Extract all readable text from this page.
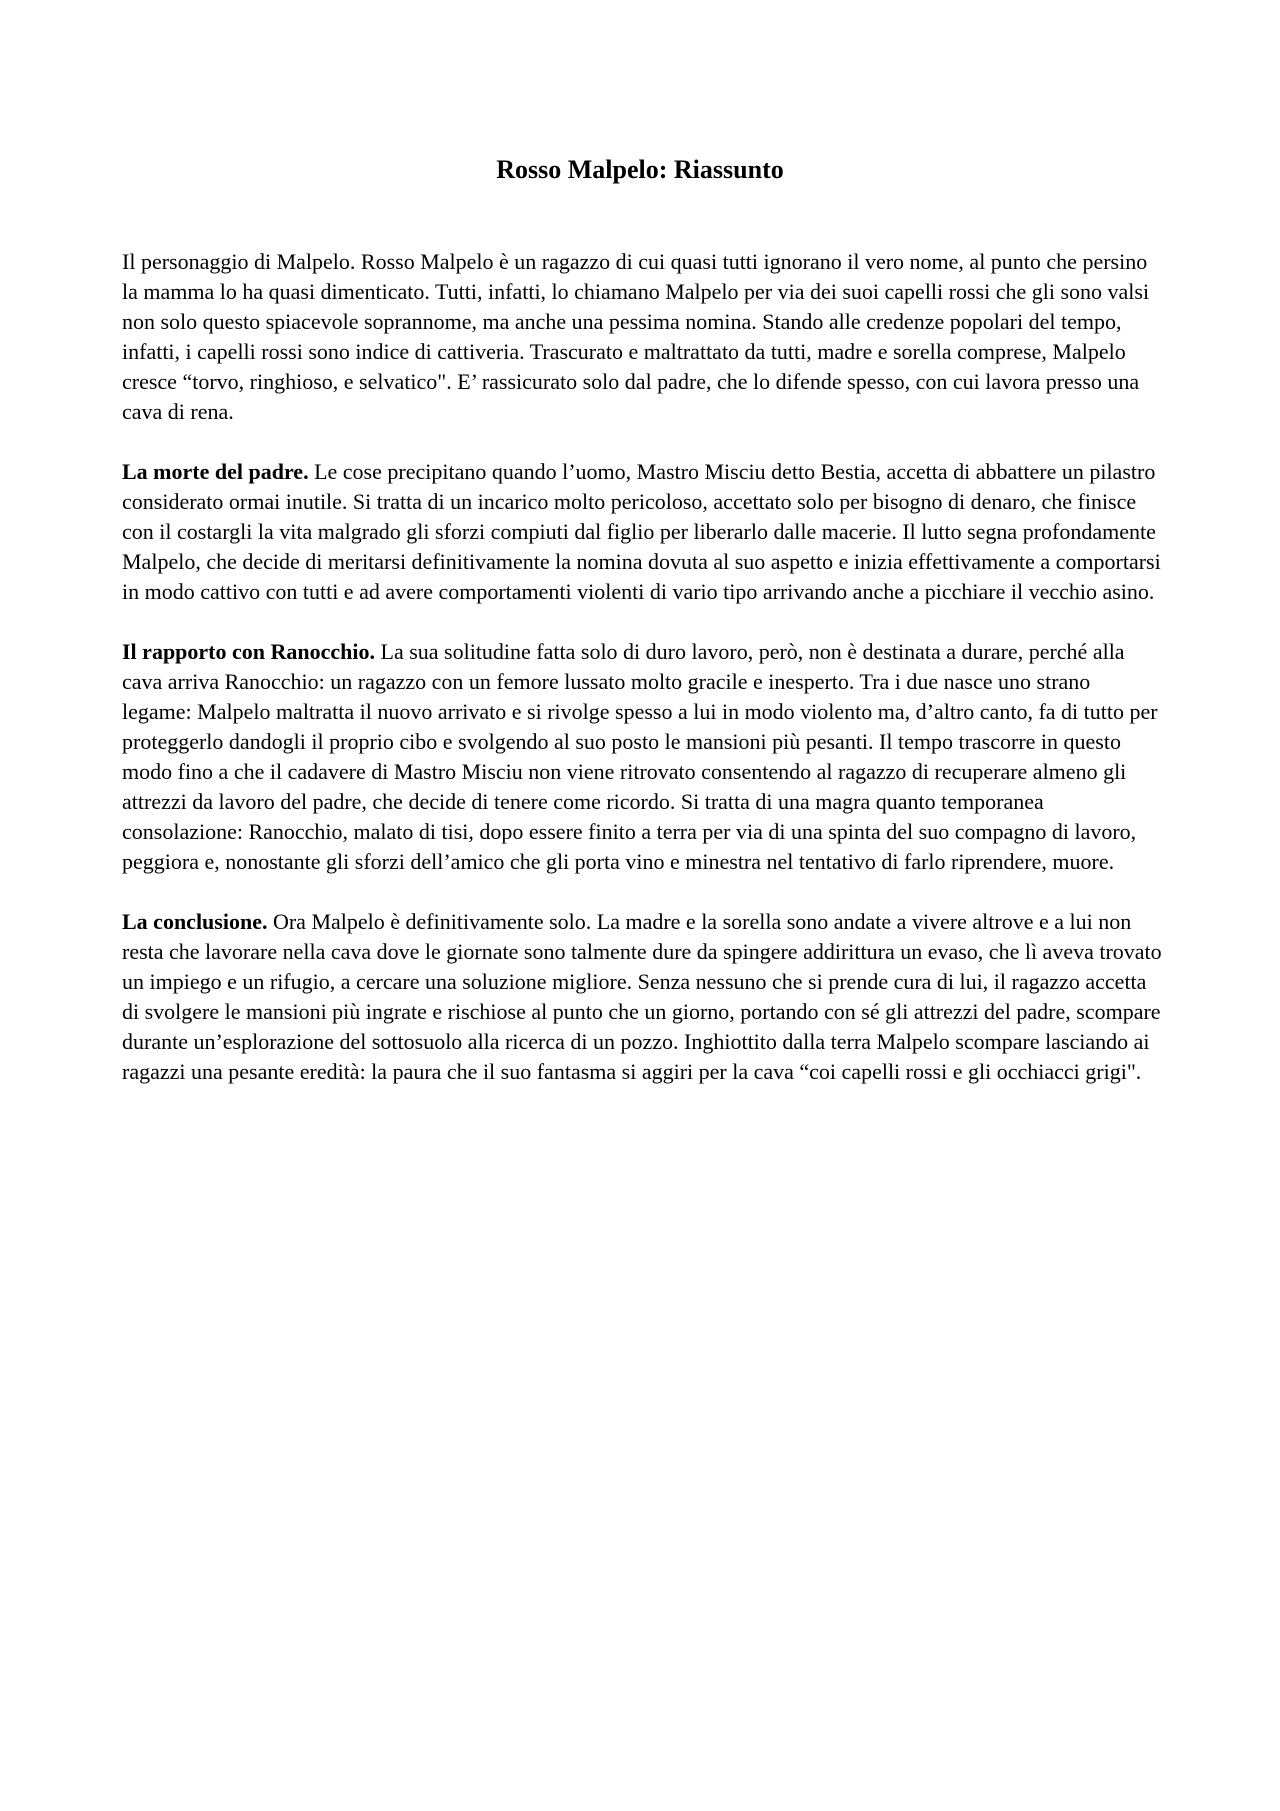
Rosso Malpelo: Riassunto

Il personaggio di Malpelo. Rosso Malpelo è un ragazzo di cui quasi tutti ignorano il vero nome, al punto che persino la mamma lo ha quasi dimenticato. Tutti, infatti, lo chiamano Malpelo per via dei suoi capelli rossi che gli sono valsi non solo questo spiacevole soprannome, ma anche una pessima nomina. Stando alle credenze popolari del tempo, infatti, i capelli rossi sono indice di cattiveria. Trascurato e maltrattato da tutti, madre e sorella comprese, Malpelo cresce “torvo, ringhioso, e selvatico". E’ rassicurato solo dal padre, che lo difende spesso, con cui lavora presso una cava di rena.

La morte del padre. Le cose precipitano quando l’uomo, Mastro Misciu detto Bestia, accetta di abbattere un pilastro considerato ormai inutile. Si tratta di un incarico molto pericoloso, accettato solo per bisogno di denaro, che finisce con il costargli la vita malgrado gli sforzi compiuti dal figlio per liberarlo dalle macerie. Il lutto segna profondamente Malpelo, che decide di meritarsi definitivamente la nomina dovuta al suo aspetto e inizia effettivamente a comportarsi in modo cattivo con tutti e ad avere comportamenti violenti di vario tipo arrivando anche a picchiare il vecchio asino.

Il rapporto con Ranocchio. La sua solitudine fatta solo di duro lavoro, però, non è destinata a durare, perché alla cava arriva Ranocchio: un ragazzo con un femore lussato molto gracile e inesperto. Tra i due nasce uno strano legame: Malpelo maltratta il nuovo arrivato e si rivolge spesso a lui in modo violento ma, d’altro canto, fa di tutto per proteggerlo dandogli il proprio cibo e svolgendo al suo posto le mansioni più pesanti. Il tempo trascorre in questo modo fino a che il cadavere di Mastro Misciu non viene ritrovato consentendo al ragazzo di recuperare almeno gli attrezzi da lavoro del padre, che decide di tenere come ricordo. Si tratta di una magra quanto temporanea consolazione: Ranocchio, malato di tisi, dopo essere finito a terra per via di una spinta del suo compagno di lavoro, peggiora e, nonostante gli sforzi dell’amico che gli porta vino e minestra nel tentativo di farlo riprendere, muore.

La conclusione. Ora Malpelo è definitivamente solo. La madre e la sorella sono andate a vivere altrove e a lui non resta che lavorare nella cava dove le giornate sono talmente dure da spingere addirittura un evaso, che lì aveva trovato un impiego e un rifugio, a cercare una soluzione migliore. Senza nessuno che si prende cura di lui, il ragazzo accetta di svolgere le mansioni più ingrate e rischiose al punto che un giorno, portando con sé gli attrezzi del padre, scompare durante un’esplorazione del sottosuolo alla ricerca di un pozzo. Inghiottito dalla terra Malpelo scompare lasciando ai ragazzi una pesante eredità: la paura che il suo fantasma si aggiri per la cava “coi capelli rossi e gli occhiacci grigi".
